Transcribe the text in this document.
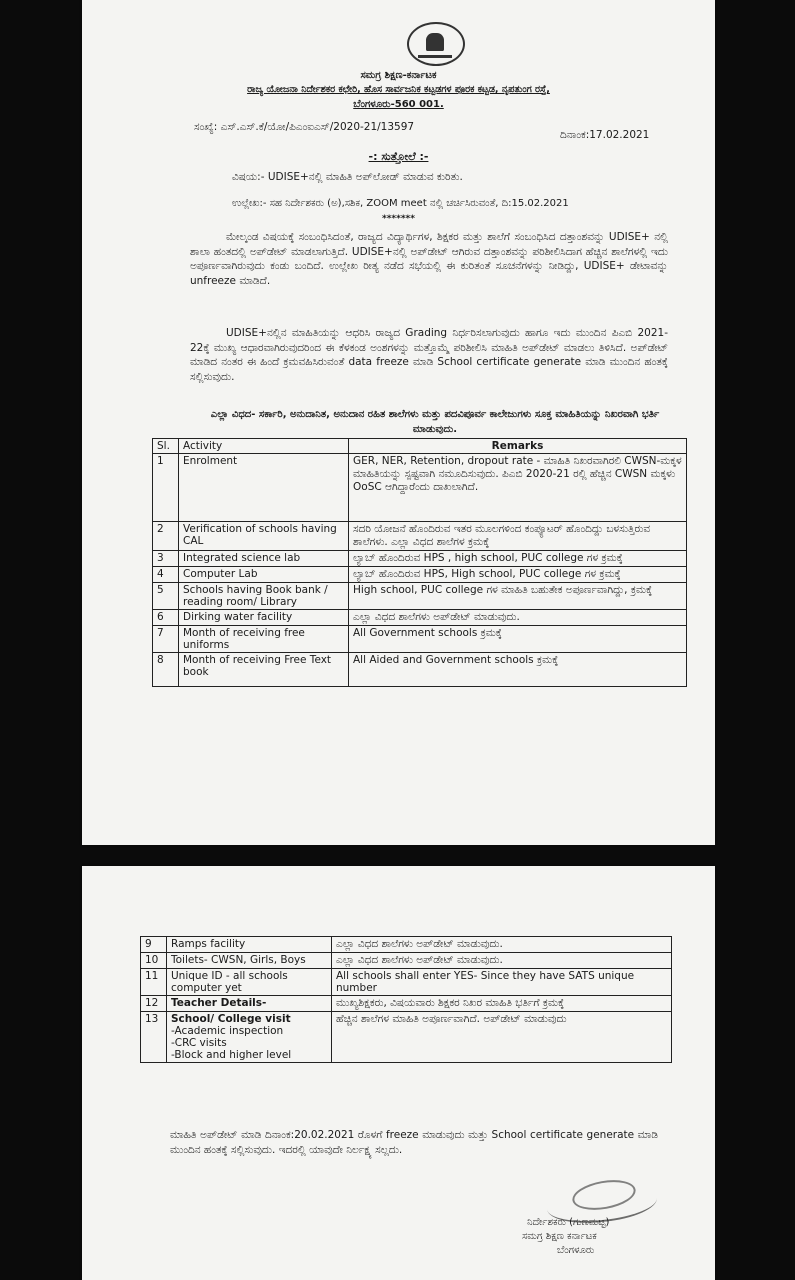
ಸಮಗ್ರ ಶಿಕ್ಷಣ-ಕರ್ನಾಟಕ
ರಾಜ್ಯ ಯೋಜನಾ ನಿರ್ದೇಶಕರ ಕಛೇರಿ, ಹೊಸ ಸಾರ್ವಜನಿಕ ಕಟ್ಟಡಗಳ ಪೂರಕ ಕಟ್ಟಡ, ನೃಪತುಂಗ ರಸ್ತೆ,
ಬೆಂಗಳೂರು-560 001.
ಸಂಖ್ಯೆ: ಎಸ್.ಎಸ್.ಕೆ/ಯೋ/ಪಿಎಂಐಎಸ್/2020-21/13597
ದಿನಾಂಕ:17.02.2021
-: ಸುತ್ತೋಲೆ :-
ವಿಷಯ:- UDISE+ನಲ್ಲಿ ಮಾಹಿತಿ ಅಪ್‌ಲೋಡ್ ಮಾಡುವ ಕುರಿತು.
ಉಲ್ಲೇಖ:- ಸಹ ನಿರ್ದೇಶಕರು (ಅ),ಸಶಿಕ, ZOOM meet ನಲ್ಲಿ ಚರ್ಚಿಸಿರುವಂತೆ, ದಿ:15.02.2021
*******
ಮೇಲ್ಕಂಡ ವಿಷಯಕ್ಕೆ ಸಂಬಂಧಿಸಿದಂತೆ, ರಾಜ್ಯದ ವಿದ್ಯಾರ್ಥಿಗಳ, ಶಿಕ್ಷಕರ ಮತ್ತು ಶಾಲೆಗೆ ಸಂಬಂಧಿಸಿದ ದತ್ತಾಂಶವನ್ನು UDISE+ ನಲ್ಲಿ ಶಾಲಾ ಹಂತದಲ್ಲಿ ಅಪ್‌ಡೇಟ್ ಮಾಡಲಾಗುತ್ತಿದೆ. UDISE+ನಲ್ಲಿ ಅಪ್‌ಡೇಟ್ ಆಗಿರುವ ದತ್ತಾಂಶವನ್ನು ಪರಿಶೀಲಿಸಿದಾಗ ಹೆಚ್ಚಿನ ಶಾಲೆಗಳಲ್ಲಿ ಇದು ಅಪೂರ್ಣವಾಗಿರುವುದು ಕಂಡು ಬಂದಿದೆ. ಉಲ್ಲೇಖ ರೀತ್ಯ ನಡೆದ ಸಭೆಯಲ್ಲಿ ಈ ಕುರಿತಂತೆ ಸೂಚನೆಗಳನ್ನು ನೀಡಿದ್ದು, UDISE+ ಡೇಟಾವನ್ನು unfreeze ಮಾಡಿದೆ.
UDISE+ನಲ್ಲಿನ ಮಾಹಿತಿಯನ್ನು ಆಧರಿಸಿ ರಾಜ್ಯದ Grading ನಿರ್ಧರಿಸಲಾಗುವುದು ಹಾಗೂ ಇದು ಮುಂದಿನ ಪಿಎಬಿ 2021-22ಕ್ಕೆ ಮುಖ್ಯ ಆಧಾರವಾಗಿರುವುದರಿಂದ ಈ ಕೆಳಕಂಡ ಅಂಶಗಳನ್ನು ಮತ್ತೊಮ್ಮೆ ಪರಿಶೀಲಿಸಿ ಮಾಹಿತಿ ಅಪ್‌ಡೇಟ್ ಮಾಡಲು ತಿಳಿಸಿದೆ. ಅಪ್‌ಡೇಟ್ ಮಾಡಿದ ನಂತರ ಈ ಹಿಂದೆ ಕ್ರಮವಹಿಸಿರುವಂತೆ data freeze ಮಾಡಿ School certificate generate ಮಾಡಿ ಮುಂದಿನ ಹಂತಕ್ಕೆ ಸಲ್ಲಿಸುವುದು.
ಎಲ್ಲಾ ವಿಧದ- ಸರ್ಕಾರಿ, ಅನುದಾನಿತ, ಅನುದಾನ ರಹಿತ ಶಾಲೆಗಳು ಮತ್ತು ಪದವಿಪೂರ್ವ ಕಾಲೇಜುಗಳು ಸೂಕ್ತ ಮಾಹಿತಿಯನ್ನು ನಿಖರವಾಗಿ ಭರ್ತಿ ಮಾಡುವುದು.
Sl.	Activity	Remarks
1	Enrolment	GER, NER, Retention, dropout rate - ಮಾಹಿತಿ ನಿಖರವಾಗಿರಲಿ CWSN-ಮಕ್ಕಳ ಮಾಹಿತಿಯನ್ನು ಸ್ಪಷ್ಟವಾಗಿ ನಮೂದಿಸುವುದು. ಪಿಎಬಿ 2020-21 ರಲ್ಲಿ ಹೆಚ್ಚಿನ CWSN ಮಕ್ಕಳು OoSC ಆಗಿದ್ದಾರೆಂದು ದಾಖಲಾಗಿದೆ.
2	Verification of schools having CAL	ಸದರಿ ಯೋಜನೆ ಹೊಂದಿರುವ ಇತರ ಮೂಲಗಳಿಂದ ಕಂಪ್ಯೂಟರ್ ಹೊಂದಿದ್ದು ಬಳಸುತ್ತಿರುವ ಶಾಲೆಗಳು. ಎಲ್ಲಾ ವಿಧದ ಶಾಲೆಗಳ ಕ್ರಮಕ್ಕೆ
3	Integrated science lab	ಲ್ಯಾಬ್ ಹೊಂದಿರುವ HPS , high school, PUC college ಗಳ ಕ್ರಮಕ್ಕೆ
4	Computer Lab	ಲ್ಯಾಬ್ ಹೊಂದಿರುವ HPS, High school, PUC college ಗಳ ಕ್ರಮಕ್ಕೆ
5	Schools having Book bank / reading room/ Library	High school, PUC college ಗಳ ಮಾಹಿತಿ ಬಹುತೇಕ ಅಪೂರ್ಣವಾಗಿದ್ದು, ಕ್ರಮಕ್ಕೆ
6	Dirking water facility	ಎಲ್ಲಾ ವಿಧದ ಶಾಲೆಗಳು ಅಪ್‌ಡೇಟ್ ಮಾಡುವುದು.
7	Month of receiving free uniforms	All Government schools ಕ್ರಮಕ್ಕೆ
8	Month of receiving Free Text book	All Aided and Government schools ಕ್ರಮಕ್ಕೆ
9	Ramps facility	ಎಲ್ಲಾ ವಿಧದ ಶಾಲೆಗಳು ಅಪ್‌ಡೇಟ್ ಮಾಡುವುದು.
10	Toilets- CWSN, Girls, Boys	ಎಲ್ಲಾ ವಿಧದ ಶಾಲೆಗಳು ಅಪ್‌ಡೇಟ್ ಮಾಡುವುದು.
11	Unique ID - all schools computer yet	All schools shall enter YES- Since they have SATS unique number
12	Teacher Details-	ಮುಖ್ಯಶಿಕ್ಷಕರು, ವಿಷಯವಾರು ಶಿಕ್ಷಕರ ನಿಖರ ಮಾಹಿತಿ ಭರ್ತಿಗೆ ಕ್ರಮಕ್ಕೆ
13	School/ College visit
-Academic inspection
-CRC visits
-Block and higher level	ಹೆಚ್ಚಿನ ಶಾಲೆಗಳ ಮಾಹಿತಿ ಅಪೂರ್ಣವಾಗಿದೆ. ಅಪ್‌ಡೇಟ್ ಮಾಡುವುದು
ಮಾಹಿತಿ ಅಪ್‌ಡೇಟ್ ಮಾಡಿ ದಿನಾಂಕ:20.02.2021 ರೊಳಗೆ freeze ಮಾಡುವುದು ಮತ್ತು School certificate generate ಮಾಡಿ ಮುಂದಿನ ಹಂತಕ್ಕೆ ಸಲ್ಲಿಸುವುದು. ಇದರಲ್ಲಿ ಯಾವುದೇ ನಿರ್ಲಕ್ಷ್ಯ ಸಲ್ಲದು.
ನಿರ್ದೇಶಕರು (ಗುಣಮಟ್ಟ)
ಸಮಗ್ರ ಶಿಕ್ಷಣ ಕರ್ನಾಟಕ
ಬೆಂಗಳೂರು
